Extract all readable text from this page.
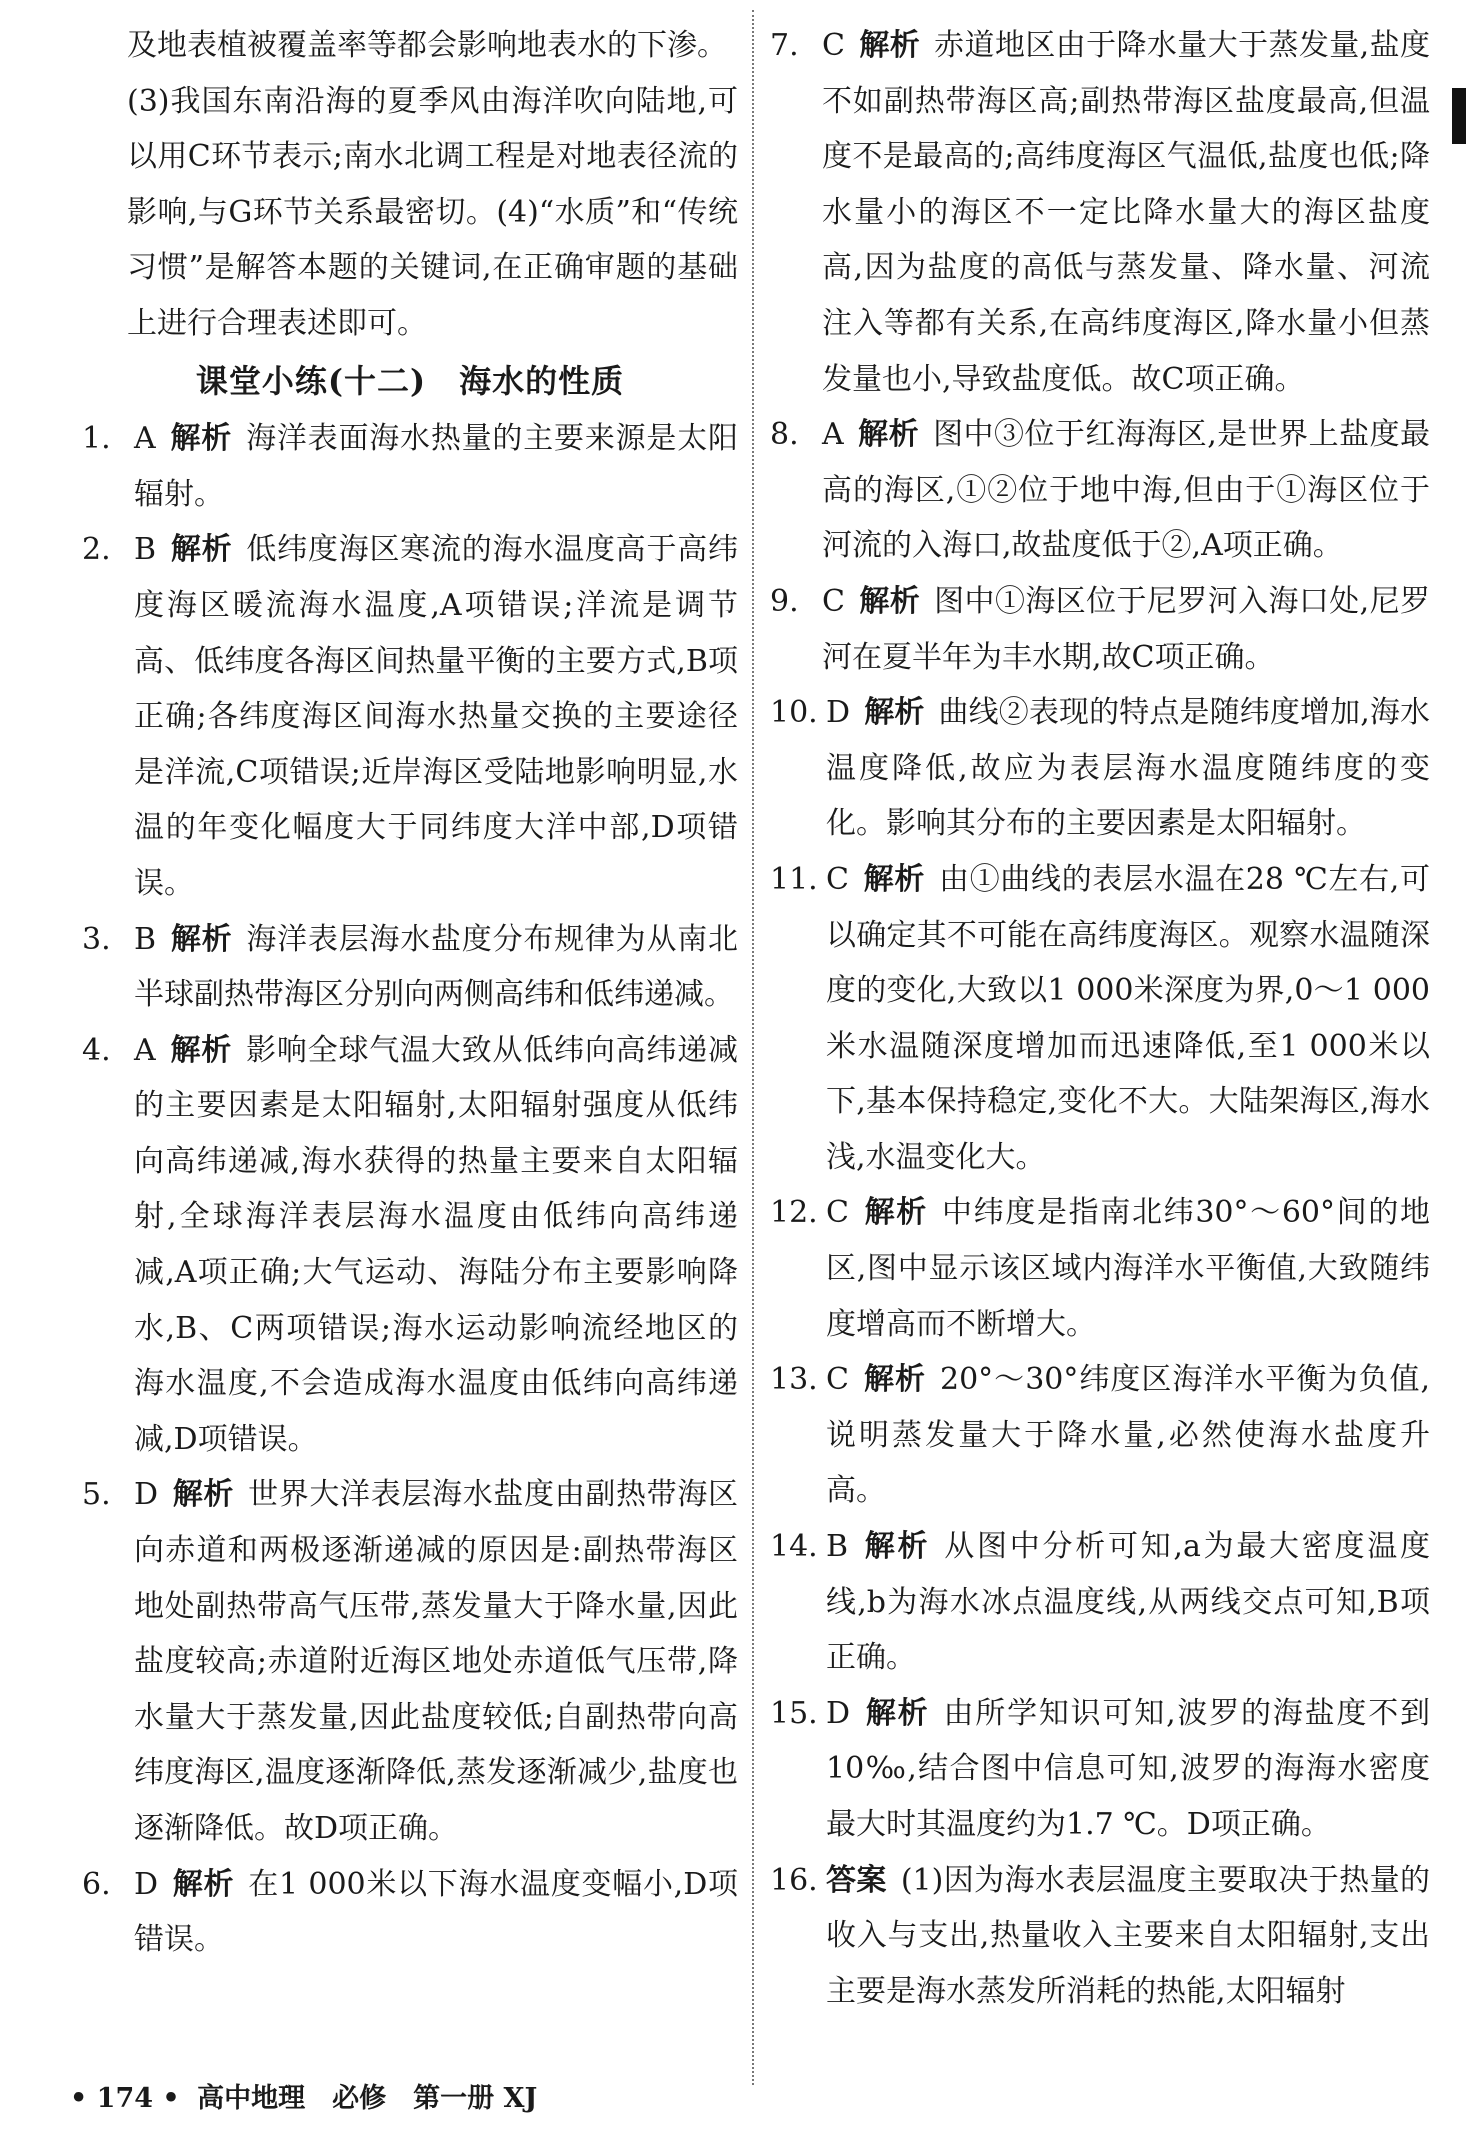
及地表植被覆盖率等都会影响地表水的下渗。

(3)我国东南沿海的夏季风由海洋吹向陆地,可以用C环节表示;南水北调工程是对地表径流的影响,与G环节关系最密切。(4)“水质”和“传统习惯”是解答本题的关键词,在正确审题的基础上进行合理表述即可。

课堂小练(十二)　海水的性质

1. A 解析 海洋表面海水热量的主要来源是太阳辐射。

2. B 解析 低纬度海区寒流的海水温度高于高纬度海区暖流海水温度,A项错误;洋流是调节高、低纬度各海区间热量平衡的主要方式,B项正确;各纬度海区间海水热量交换的主要途径是洋流,C项错误;近岸海区受陆地影响明显,水温的年变化幅度大于同纬度大洋中部,D项错误。

3. B 解析 海洋表层海水盐度分布规律为从南北半球副热带海区分别向两侧高纬和低纬递减。

4. A 解析 影响全球气温大致从低纬向高纬递减的主要因素是太阳辐射,太阳辐射强度从低纬向高纬递减,海水获得的热量主要来自太阳辐射,全球海洋表层海水温度由低纬向高纬递减,A项正确;大气运动、海陆分布主要影响降水,B、C两项错误;海水运动影响流经地区的海水温度,不会造成海水温度由低纬向高纬递减,D项错误。

5. D 解析 世界大洋表层海水盐度由副热带海区向赤道和两极逐渐递减的原因是:副热带海区地处副热带高气压带,蒸发量大于降水量,因此盐度较高;赤道附近海区地处赤道低气压带,降水量大于蒸发量,因此盐度较低;自副热带向高纬度海区,温度逐渐降低,蒸发逐渐减少,盐度也逐渐降低。故D项正确。

6. D 解析 在1 000米以下海水温度变幅小,D项错误。

7. C 解析 赤道地区由于降水量大于蒸发量,盐度不如副热带海区高;副热带海区盐度最高,但温度不是最高的;高纬度海区气温低,盐度也低;降水量小的海区不一定比降水量大的海区盐度高,因为盐度的高低与蒸发量、降水量、河流注入等都有关系,在高纬度海区,降水量小但蒸发量也小,导致盐度低。故C项正确。

8. A 解析 图中③位于红海海区,是世界上盐度最高的海区,①②位于地中海,但由于①海区位于河流的入海口,故盐度低于②,A项正确。

9. C 解析 图中①海区位于尼罗河入海口处,尼罗河在夏半年为丰水期,故C项正确。

10. D 解析 曲线②表现的特点是随纬度增加,海水温度降低,故应为表层海水温度随纬度的变化。影响其分布的主要因素是太阳辐射。

11. C 解析 由①曲线的表层水温在28 ℃左右,可以确定其不可能在高纬度海区。观察水温随深度的变化,大致以1 000米深度为界,0～1 000米水温随深度增加而迅速降低,至1 000米以下,基本保持稳定,变化不大。大陆架海区,海水浅,水温变化大。

12. C 解析 中纬度是指南北纬30°～60°间的地区,图中显示该区域内海洋水平衡值,大致随纬度增高而不断增大。

13. C 解析 20°～30°纬度区海洋水平衡为负值,说明蒸发量大于降水量,必然使海水盐度升高。

14. B 解析 从图中分析可知,a为最大密度温度线,b为海水冰点温度线,从两线交点可知,B项正确。

15. D 解析 由所学知识可知,波罗的海盐度不到10‰,结合图中信息可知,波罗的海海水密度最大时其温度约为1.7 ℃。D项正确。

16. 答案 (1)因为海水表层温度主要取决于热量的收入与支出,热量收入主要来自太阳辐射,支出主要是海水蒸发所消耗的热能,太阳辐射

• 174 • 高中地理　必修　第一册 XJ
